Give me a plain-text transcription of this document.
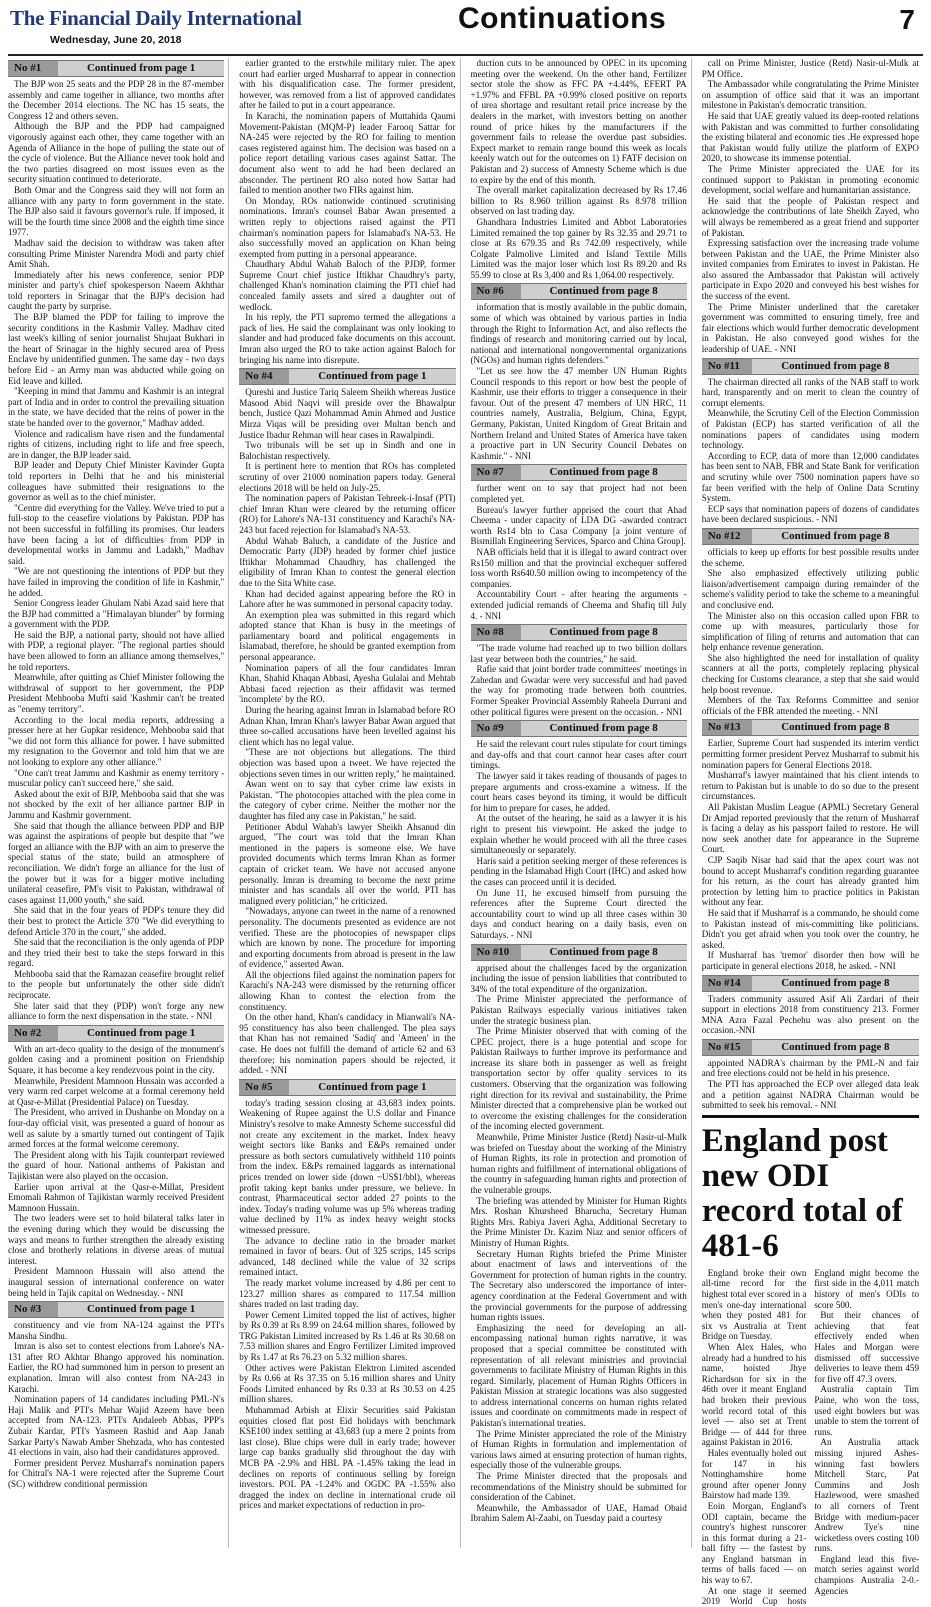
The Financial Daily International
Wednesday, June 20, 2018
Continuations	7
No #1	Continued from page 1

The BJP won 25 seats and the PDP 28 in the 87-member assembly and came together in alliance, two months after the December 2014 elections. The NC has 15 seats, the Congress 12 and others seven.

Although the BJP and the PDP had campaigned vigorously against each other, they came together with an Agenda of Alliance in the hope of pulling the state out of the cycle of violence. But the Alliance never took hold and the two parties disagreed on most issues even as the security situation continued to deteriorate.

Both Omar and the Congress said they will not form an alliance with any party to form government in the state. The BJP also said it favours governor's rule. If imposed, it will be the fourth time since 2008 and the eighth time since 1977.

Madhav said the decision to withdraw was taken after consulting Prime Minister Narendra Modi and party chief Amit Shah.

Immediately after his news conference, senior PDP minister and party's chief spokesperson Naeem Akhthar told reporters in Srinagar that the BJP's decision had caught the party by surprise.

The BJP blamed the PDP for failing to improve the security conditions in the Kashmir Valley. Madhav cited last week's killing of senior journalist Shujaat Bukhari in the heart of Srinagar in the highly secured area of Press Enclave by unidentified gunmen. The same day - two days before Eid - an Army man was abducted while going on Eid leave and killed.

"Keeping in mind that Jammu and Kashmir is an integral part of India and in order to control the prevailing situation in the state, we have decided that the reins of power in the state be handed over to the governor," Madhav added.

Violence and radicalism have risen and the fundamental rights of citizens, including right to life and free speech, are in danger, the BJP leader said.

BJP leader and Deputy Chief Minister Kavinder Gupta told reporters in Delhi that he and his ministerial colleagues have submitted their resignations to the governor as well as to the chief minister.

"Centre did everything for the Valley. We've tried to put a full-stop to the ceasefire violations by Pakistan. PDP has not been successful in fulfilling its promises. Our leaders have been facing a lot of difficulties from PDP in developmental works in Jammu and Ladakh," Madhav said.

"We are not questioning the intentions of PDP but they have failed in improving the condition of life in Kashmir," he added.

Senior Congress leader Ghulam Nabi Azad said here that the BJP had committed a "Himalayan blunder" by forming a government with the PDP.

He said the BJP, a national party, should not have allied with PDP, a regional player. "The regional parties should have been allowed to form an alliance among themselves," he told reporters.

Meanwhile, after quitting as Chief Minister following the withdrawal of support to her government, the PDP President Mehbooba Mufti said 'Kashmir can't be treated as "enemy territory".

According to the local media reports, addressing a presser here at her Gupkar residence, Mehbooba said that "we did not form this alliance for power. I have submitted my resignation to the Governor and told him that we are not looking to explore any other alliance."

"One can't treat Jammu and Kashmir as enemy territory - muscular policy can't succeed here," she said.

Asked about the exit of BJP, Mehbooba said that she was not shocked by the exit of her alliance partner BJP in Jammu and Kashmir government.

She said that though the alliance between PDP and BJP was against the aspirations of people but despite that "we forged an alliance with the BJP with an aim to preserve the special status of the state, build an atmosphere of reconciliation. We didn't forge an alliance for the lust of the power but it was for a bigger motive including unilateral ceasefire, PM's visit to Pakistan, withdrawal of cases against 11,000 youth," she said.

She said that in the four years of PDP's tenure they did their best to protect the Article 370 "We did everything to defend Article 370 in the court," she added.

She said that the reconciliation is the only agenda of PDP and they tried their best to take the steps forward in this regard.

Mehbooba said that the Ramazan ceasefire brought relief to the people but unfortunately the other side didn't reciprocate.

She later said that they (PDP) won't forge any new alliance to form the next dispensation in the state. - NNI

No #2	Continued from page 1

With an art-deco quality to the design of the monument's golden casing and a prominent position on Friendship Square, it has become a key rendezvous point in the city.

Meanwhile, President Mamnoon Hussain was accorded a very warm red carpet welcome at a formal ceremony held at Qasr-e-Millat (Presidential Palace) on Tuesday.

The President, who arrived in Dushanbe on Monday on a four-day official visit, was presented a guard of honour as well as salute by a smartly turned out contingent of Tajik armed forces at the formal welcome ceremony.

The President along with his Tajik counterpart reviewed the guard of hour. National anthems of Pakistan and Tajikistan were also played on the occasion.

Earlier upon arrival at the Qasr-e-Millat, President Emomali Rahmon of Tajikistan warmly received President Mamnoon Hussain.

The two leaders were set to hold bilateral talks later in the evening during which they would be discussing the ways and means to further strengthen the already existing close and brotherly relations in diverse areas of mutual interest.

President Mamnoon Hussain will also attend the inaugural session of international conference on water being held in Tajik capital on Wednesday. - NNI

No #3	Continued from page 1

constituency and vie from NA-124 against the PTI's Mansha Sindhu.

Imran is also set to contest elections from Lahore's NA-131 after RO Akhtar Bhango approved his nomination. Earlier, the RO had summoned him in person to present an explanation. Imran will also contest from NA-243 in Karachi.

Nomination papers of 14 candidates including PML-N's Haji Malik and PTI's Mehar Wajid Azeem have been accepted from NA-123. PTI's Andaleeb Abbas, PPP's Zubair Kardar, PTI's Yasmeen Rashid and Aap Janab Sarkar Party's Nawab Amber Shehzada, who has contested 41 elections in vain, also had their candidatures approved.

Former president Pervez Musharraf's nomination papers for Chitral's NA-1 were rejected after the Supreme Court (SC) withdrew conditional permission

earlier granted to the erstwhile military ruler. The apex court had earlier urged Musharraf to appear in connection with his disqualification case. The former president, however, was removed from a list of approved candidates after he failed to put in a court appearance.

In Karachi, the nomination papers of Muttahida Qaumi Movement-Pakistan (MQM-P) leader Farooq Sattar for NA-245 were rejected by the RO for failing to mention cases registered against him. The decision was based on a police report detailing various cases against Sattar. The document also went to add he had been declared an absconder. The pertinent RO also noted how Sattar had failed to mention another two FIRs against him.

On Monday, ROs nationwide continued scrutinising nominations. Imran's counsel Babar Awan presented a written reply to objections raised against the PTI chairman's nomination papers for Islamabad's NA-53. He also successfully moved an application on Khan being exempted from putting in a personal appearance.

Chaudhary Abdul Wahab Baloch of the PJDP, former Supreme Court chief justice Iftikhar Chaudhry's party, challenged Khan's nomination claiming the PTI chief had concealed family assets and sired a daughter out of wedlock.

In his reply, the PTI supremo termed the allegations a pack of lies. He said the complainant was only looking to slander and had produced fake documents on this account. Imran also urged the RO to take action against Baloch for bringing his name into disrepute.

No #4	Continued from page 1

Qureshi and Justice Tariq Saleem Sheikh whereas Justice Masood Abid Naqvi will preside over the Bhawalpur bench, Justice Qazi Mohammad Amin Ahmed and Justice Mirza Viqas will be presiding over Multan bench and Justice Ibadur Rehman will hear cases in Rawalpindi.

Two tribunals will be set up in Sindh and one in Balochistan respectively.

It is pertinent here to mention that ROs has completed scrutiny of over 21000 nomination papers today. General elections 2018 will be held on July-25.

The nomination papers of Pakistan Tehreek-i-Insaf (PTI) chief Imran Khan were cleared by the returning officer (RO) for Lahore's NA-131 constituency and Karachi's NA-243 but faced rejection for Islamabad's NA-53.

Abdul Wahab Baluch, a candidate of the Justice and Democratic Party (JDP) headed by former chief justice Iftikhar Mohammad Chaudhry, has challenged the eligibility of Imran Khan to contest the general election due to the Sita White case.

Khan had decided against appearing before the RO in Lahore after he was summoned in personal capacity today.

An exemption plea was submitted in this regard which adopted stance that Khan is busy in the meetings of parliamentary board and political engagements in Islamabad, therefore, he should be granted exemption from personal appearance.

Nomination papers of all the four candidates Imran Khan, Shahid Khaqan Abbasi, Ayesha Gulalai and Mehtab Abbasi faced rejection as their affidavit was termed 'incomplete' by the RO.

During the hearing against Imran in Islamabad before RO Adnan Khan, Imran Khan's lawyer Babar Awan argued that three so-called accusations have been levelled against his client which has no legal value.

"These are not objections but allegations. The third objection was based upon a tweet. We have rejected the objections seven times in our written reply," he maintained.

Awan went on to say that cyber crime law exists in Pakistan. "The photocopies attached with the plea come in the category of cyber crime. Neither the mother nor the daughter has filed any case in Pakistan," he said.

Petitioner Abdul Wahab's lawyer Sheikh Ahsanud din argued, "The court was told that the Imran Khan mentioned in the papers is someone else. We have provided documents which terms Imran Khan as former captain of cricket team. We have not accused anyone personally. Imran is dreaming to become the next prime minister and has scandals all over the world. PTI has maligned every politician," he criticized.

"Nowadays, anyone can tweet in the name of a renowned personality. The documents presented as evidence are not verified. These are the photocopies of newspaper clips which are known by none. The procedure for importing and exporting documents from abroad is present in the law of evidence," asserted Awan.

All the objections filed against the nomination papers for Karachi's NA-243 were dismissed by the returning officer allowing Khan to contest the election from the constituency.

On the other hand, Khan's candidacy in Mianwali's NA-95 constituency has also been challenged. The plea says that Khan has not remained 'Sadiq' and 'Ameen' in the case. He does not fulfill the demand of article 62 and 63 therefore; his nomination papers should be rejected, it added. - NNI

No #5	Continued from page 1

today's trading session closing at 43,683 index points. Weakening of Rupee against the U.S dollar and Finance Ministry's resolve to make Amnesty Scheme successful did not create any excitement in the market. Index heavy weight sectors like Banks and E&Ps remained under pressure as both sectors cumulatively withheld 110 points from the index. E&Ps remained laggards as international prices trended on lower side (down ~US$1/bbl), whereas profit taking kept banks under pressure, we believe. In contrast, Pharmaceutical sector added 27 points to the index. Today's trading volume was up 5% whereas trading value declined by 11% as index heavy weight stocks witnessed pressure.

The advance to decline ratio in the broader market remained in favor of bears. Out of 325 scrips, 145 scrips advanced, 148 declined while the value of 32 scrips remained intact.

The ready market volume increased by 4.86 per cent to 123.27 million shares as compared to 117.54 million shares traded on last trading day.

Power Cement Limited topped the list of actives, higher by Rs 0.39 at Rs 8.99 on 24.64 million shares, followed by TRG Pakistan Limited increased by Rs 1.46 at Rs 30.68 on 7.53 million shares and Engro Fertilizer Limited improved by Rs 1.47 at Rs 76.23 on 5.32 million shares.

Other actives were Pakistan Elektron Limited ascended by Rs 0.66 at Rs 37.35 on 5.16 million shares and Unity Foods Limited enhanced by Rs 0.33 at Rs 30.53 on 4.25 million shares.

Muhammad Arbish at Elixir Securities said Pakistan equities closed flat post Eid holidays with benchmark KSE100 index settling at 43,683 (up a mere 2 points from last close). Blue chips were dull in early trade; however large cap banks gradually slid throughout the day with MCB PA -2.9% and HBL PA -1.45% taking the lead in declines on reports of continuous selling by foreign investors. POL PA -1.24% and OGDC PA -1.55% also dragged the index on decline in international crude oil prices and market expectations of reduction in pro-

duction cuts to be announced by OPEC in its upcoming meeting over the weekend. On the other hand, Fertilizer sector stole the show as FFC PA +4.44%, EFERT PA +1.97% and FFBL PA +0.99% closed positive on reports of urea shortage and resultant retail price increase by the dealers in the market, with investors betting on another round of price hikes by the manufacturers if the government fails to release the overdue past subsidies. Expect market to remain range bound this week as locals keenly watch out for the outcomes on 1) FATF decision on Pakistan and 2) success of Amnesty Scheme which is due to expire by the end of this month.

The overall market capitalization decreased by Rs 17.46 billion to Rs 8.960 trillion against Rs 8.978 trillion observed on last trading day.

Ghandhara Industries Limited and Abbot Laboratories Limited remained the top gainer by Rs 32.35 and 29.71 to close at Rs 679.35 and Rs 742.09 respectively, while Colgate Palmolive Limited and Island Textile Mills Limited was the major loser which lost Rs 89.20 and Rs 55.99 to close at Rs 3,400 and Rs 1,064.00 respectively.

No #6	Continued from page 8

information that is mostly available in the public domain, some of which was obtained by various parties in India through the Right to Information Act, and also reflects the findings of research and monitoring carried out by local, national and international nongovernmental organizations (NGOs) and human rights defenders."

"Let us see how the 47 member UN Human Rights Council responds to this report or how best the people of Kashmir, use their efforts to trigger a consequence in their favour. Out of the present 47 members of UN HRC, 11 countries namely, Australia, Belgium, China, Egypt, Germany, Pakistan, United Kingdom of Great Britain and Northern Ireland and United States of America have taken a proactive part in UN Security Council Debates on Kashmir." - NNI

No #7	Continued from page 8

further went on to say that project had not been completed yet.

Bureau's lawyer further apprised the court that Ahad Cheema - under capacity of LDA DG -awarded contract worth Rs14 bln to Casa Company [a joint venture of Bismillah Engineering Services, Sparco and China Group].

NAB officials held that it is illegal to award contract over Rs150 million and that the provincial exchequer suffered loss worth Rs640.50 million owing to incompetency of the companies.

Accountability Court - after hearing the arguments - extended judicial remands of Cheema and Shafiq till July 4. - NNI

No #8	Continued from page 8

"The trade volume had reached up to two billion dollars last year between both the countries," he said.

Rafie said that joint border trade committees' meetings in Zahedan and Gwadar were very successful and had paved the way for promoting trade between both countries. Former Speaker Provincial Assembly Raheela Durrani and other political figures were present on the occasion. - NNI

No #9	Continued from page 8

He said the relevant court rules stipulate for court timings and day-offs and that court cannot hear cases after court timings.

The lawyer said it takes reading of thousands of pages to prepare arguments and cross-examine a witness. If the court hears cases beyond its timing, it would be difficult for him to prepare for cases, he added.

At the outset of the hearing, he said as a lawyer it is his right to present his viewpoint. He asked the judge to explain whether he would proceed with all the three cases simultaneously or separately.

Haris said a petition seeking merger of these references is pending in the Islamabad High Court (IHC) and asked how the cases can proceed until it is decided.

On June 11, he excused himself from pursuing the references after the Supreme Court directed the accountability court to wind up all three cases within 30 days and conduct hearing on a daily basis, even on Saturdays. - NNI

No #10	Continued from page 8

apprised about the challenges faced by the organization including the issue of pension liabilities that contributed to 34% of the total expenditure of the organization.

The Prime Minister appreciated the performance of Pakistan Railways especially various initiatives taken under the strategic business plan.

The Prime Minister observed that with coming of the CPEC project, there is a huge potential and scope for Pakistan Railways to further improve its performance and increase its share both in passenger as well as freight transportation sector by offer quality services to its customers. Observing that the organization was following right direction for its revival and sustainability, the Prime Minister directed that a comprehensive plan be worked out to overcome the existing challenges for the consideration of the incoming elected government.

Meanwhile, Prime Minister Justice (Retd) Nasir-ul-Mulk was briefed on Tuesday about the working of the Ministry of Human Rights, its role in protection and promotion of human rights and fulfillment of international obligations of the country in safeguarding human rights and protection of the vulnerable groups.

The briefing was attended by Minister for Human Rights Mrs. Roshan Khursheed Bharucha, Secretary Human Rights Mrs. Rabiya Javeri Agha, Additional Secretary to the Prime Minister Dr. Kazim Niaz and senior officers of Ministry of Human Rights.

Secretary Human Rights briefed the Prime Minister about enactment of laws and interventions of the Government for protection of human rights in the country. The Secretary also underscored the importance of inter-agency coordination at the Federal Government and with the provincial governments for the purpose of addressing human rights issues.

Emphasizing the need for developing an all-encompassing national human rights narrative, it was proposed that a special committee be constituted with representation of all relevant ministries and provincial governments to facilitate Ministry of Human Rights in this regard. Similarly, placement of Human Rights Officers in Pakistan Mission at strategic locations was also suggested to address international concerns on human rights related issues and coordinate on commitments made in respect of Pakistan's international treaties.

The Prime Minister appreciated the role of the Ministry of Human Rights in formulation and implementation of various laws aimed at ensuring protection of human rights, especially those of the vulnerable groups.

The Prime Minister directed that the proposals and recommendations of the Ministry should be submitted for consideration of the Cabinet.

Meanwhile, the Ambassador of UAE, Hamad Obaid Ibrahim Salem Al-Zaabi, on Tuesday paid a courtesy

call on Prime Minister, Justice (Retd) Nasir-ul-Mulk at PM Office.

The Ambassador while congratulating the Prime Minister on assumption of office said that it was an important milestone in Pakistan's democratic transition.

He said that UAE greatly valued its deep-rooted relations with Pakistan and was committed to further consolidating the existing bilateral and economic ties .He expressed hope that Pakistan would fully utilize the platform of EXPO 2020, to showcase its immense potential.

The Prime Minister appreciated the UAE for its continued support to Pakistan in promoting economic development, social welfare and humanitarian assistance.

He said that the people of Pakistan respect and acknowledge the contributions of late Sheikh Zayed, who will always be remembered as a great friend and supporter of Pakistan.

Expressing satisfaction over the increasing trade volume between Pakistan and the UAE, the Prime Minister also invited companies from Emirates to invest in Pakistan. He also assured the Ambassador that Pakistan will actively participate in Expo 2020 and conveyed his best wishes for the success of the event.

The Prime Minister underlined that the caretaker government was committed to ensuring timely, free and fair elections which would further democratic development in Pakistan. He also conveyed good wishes for the leadership of UAE. - NNI

No #11	Continued from page 8

The chairman directed all ranks of the NAB staff to work hard, transparently and on merit to clean the country of corrupt elements.

Meanwhile, the Scrutiny Cell of the Election Commission of Pakistan (ECP) has started verification of all the nominations papers of candidates using modern technology.

According to ECP, data of more than 12,000 candidates has been sent to NAB, FBR and State Bank for verification and scrutiny while over 7500 nomination papers have so far been verified with the help of Online Data Scrutiny System.

ECP says that nomination papers of dozens of candidates have been declared suspicious. - NNI

No #12	Continued from page 8

officials to keep up efforts for best possible results under the scheme.

She also emphasized effectively utilizing public liaison/advertisement campaign during remainder of the scheme's validity period to take the scheme to a meaningful and conclusive end.

The Minister also on this occasion called upon FBR to come up with measures, particularly those for simplification of filing of returns and automation that can help enhance revenue generation.

She also highlighted the need for installation of quality scanners at all the ports, completely replacing physical checking for Customs clearance, a step that she said would help boost revenue.

Members of the Tax Reforms Committee and senior officials of the FBR attended the meeting. - NNI

No #13	Continued from page 8

Earlier, Supreme Court had suspended its interim verdict permitting former president Pervez Musharraf to submit his nomination papers for General Elections 2018.

Musharraf's lawyer maintained that his client intends to return to Pakistan but is unable to do so due to the present circumstances.

All Pakistan Muslim League (APML) Secretary General Dr Amjad reported previously that the return of Musharraf is facing a delay as his passport failed to restore. He will now seek another date for appearance in the Supreme Court.

CJP Saqib Nisar had said that the apex court was not bound to accept Musharraf's condition regarding guarantee for his return, as the court has already granted him protection by letting him to practice politics in Pakistan without any fear.

He said that if Musharraf is a commando, he should come to Pakistan instead of mis-committing like politicians. Didn't you get afraid when you took over the country, he asked.

If Musharraf has 'tremor' disorder then how will he participate in general elections 2018, he asked. - NNI

No #14	Continued from page 8

Traders community assured Asif Ali Zardari of their support in elections 2018 from constituency 213. Former MNA Azra Fazal Pechehu was also present on the occasion.-NNI

No #15	Continued from page 8

appointed NADRA's chairman by the PML-N and fair and free elections could not be held in his presence.

The PTI has approached the ECP over alleged data leak and a petition against NADRA Chairman would be submitted to seek his removal. - NNI

England post new ODI record total of 481-6

England broke their own all-time record for the highest total ever scored in a men's one-day international when they posted 481 for six vs Australia at Trent Bridge on Tuesday.

When Alex Hales, who already had a hundred to his name, hoisted Jhye Richardson for six in the 46th over it meant England had broken their previous world record total of this level — also set at Trent Bridge — of 444 for three against Pakistan in 2016.

Hales eventually holed out for 147 in his Nottinghamshire home ground after opener Jonny Bairstow had made 139.

Eoin Morgan, England's ODI captain, became the country's highest runscorer in this format during a 21-ball fifty — the fastest by any England batsman in terms of balls faced — on his way to 67.

At one stage it seemed 2019 World Cup hosts England might become the first side in the 4,011 match history of men's ODIs to score 500.

But their chances of achieving that feat effectively ended when Hales and Morgan were dismissed off successive deliveries to leave them 459 for five off 47.3 overs.

Australia captain Tim Paine, who won the toss, used eight bowlers but was unable to stem the torrent of runs.

An Australia attack missing injured Ashes-winning fast bowlers Mitchell Starc, Pat Cummins and Josh Hazlewood, were smashed to all corners of Trent Bridge with medium-pacer Andrew Tye's nine wicketless overs costing 100 runs.

England lead this five-match series against world champions Australia 2-0.-Agencies
